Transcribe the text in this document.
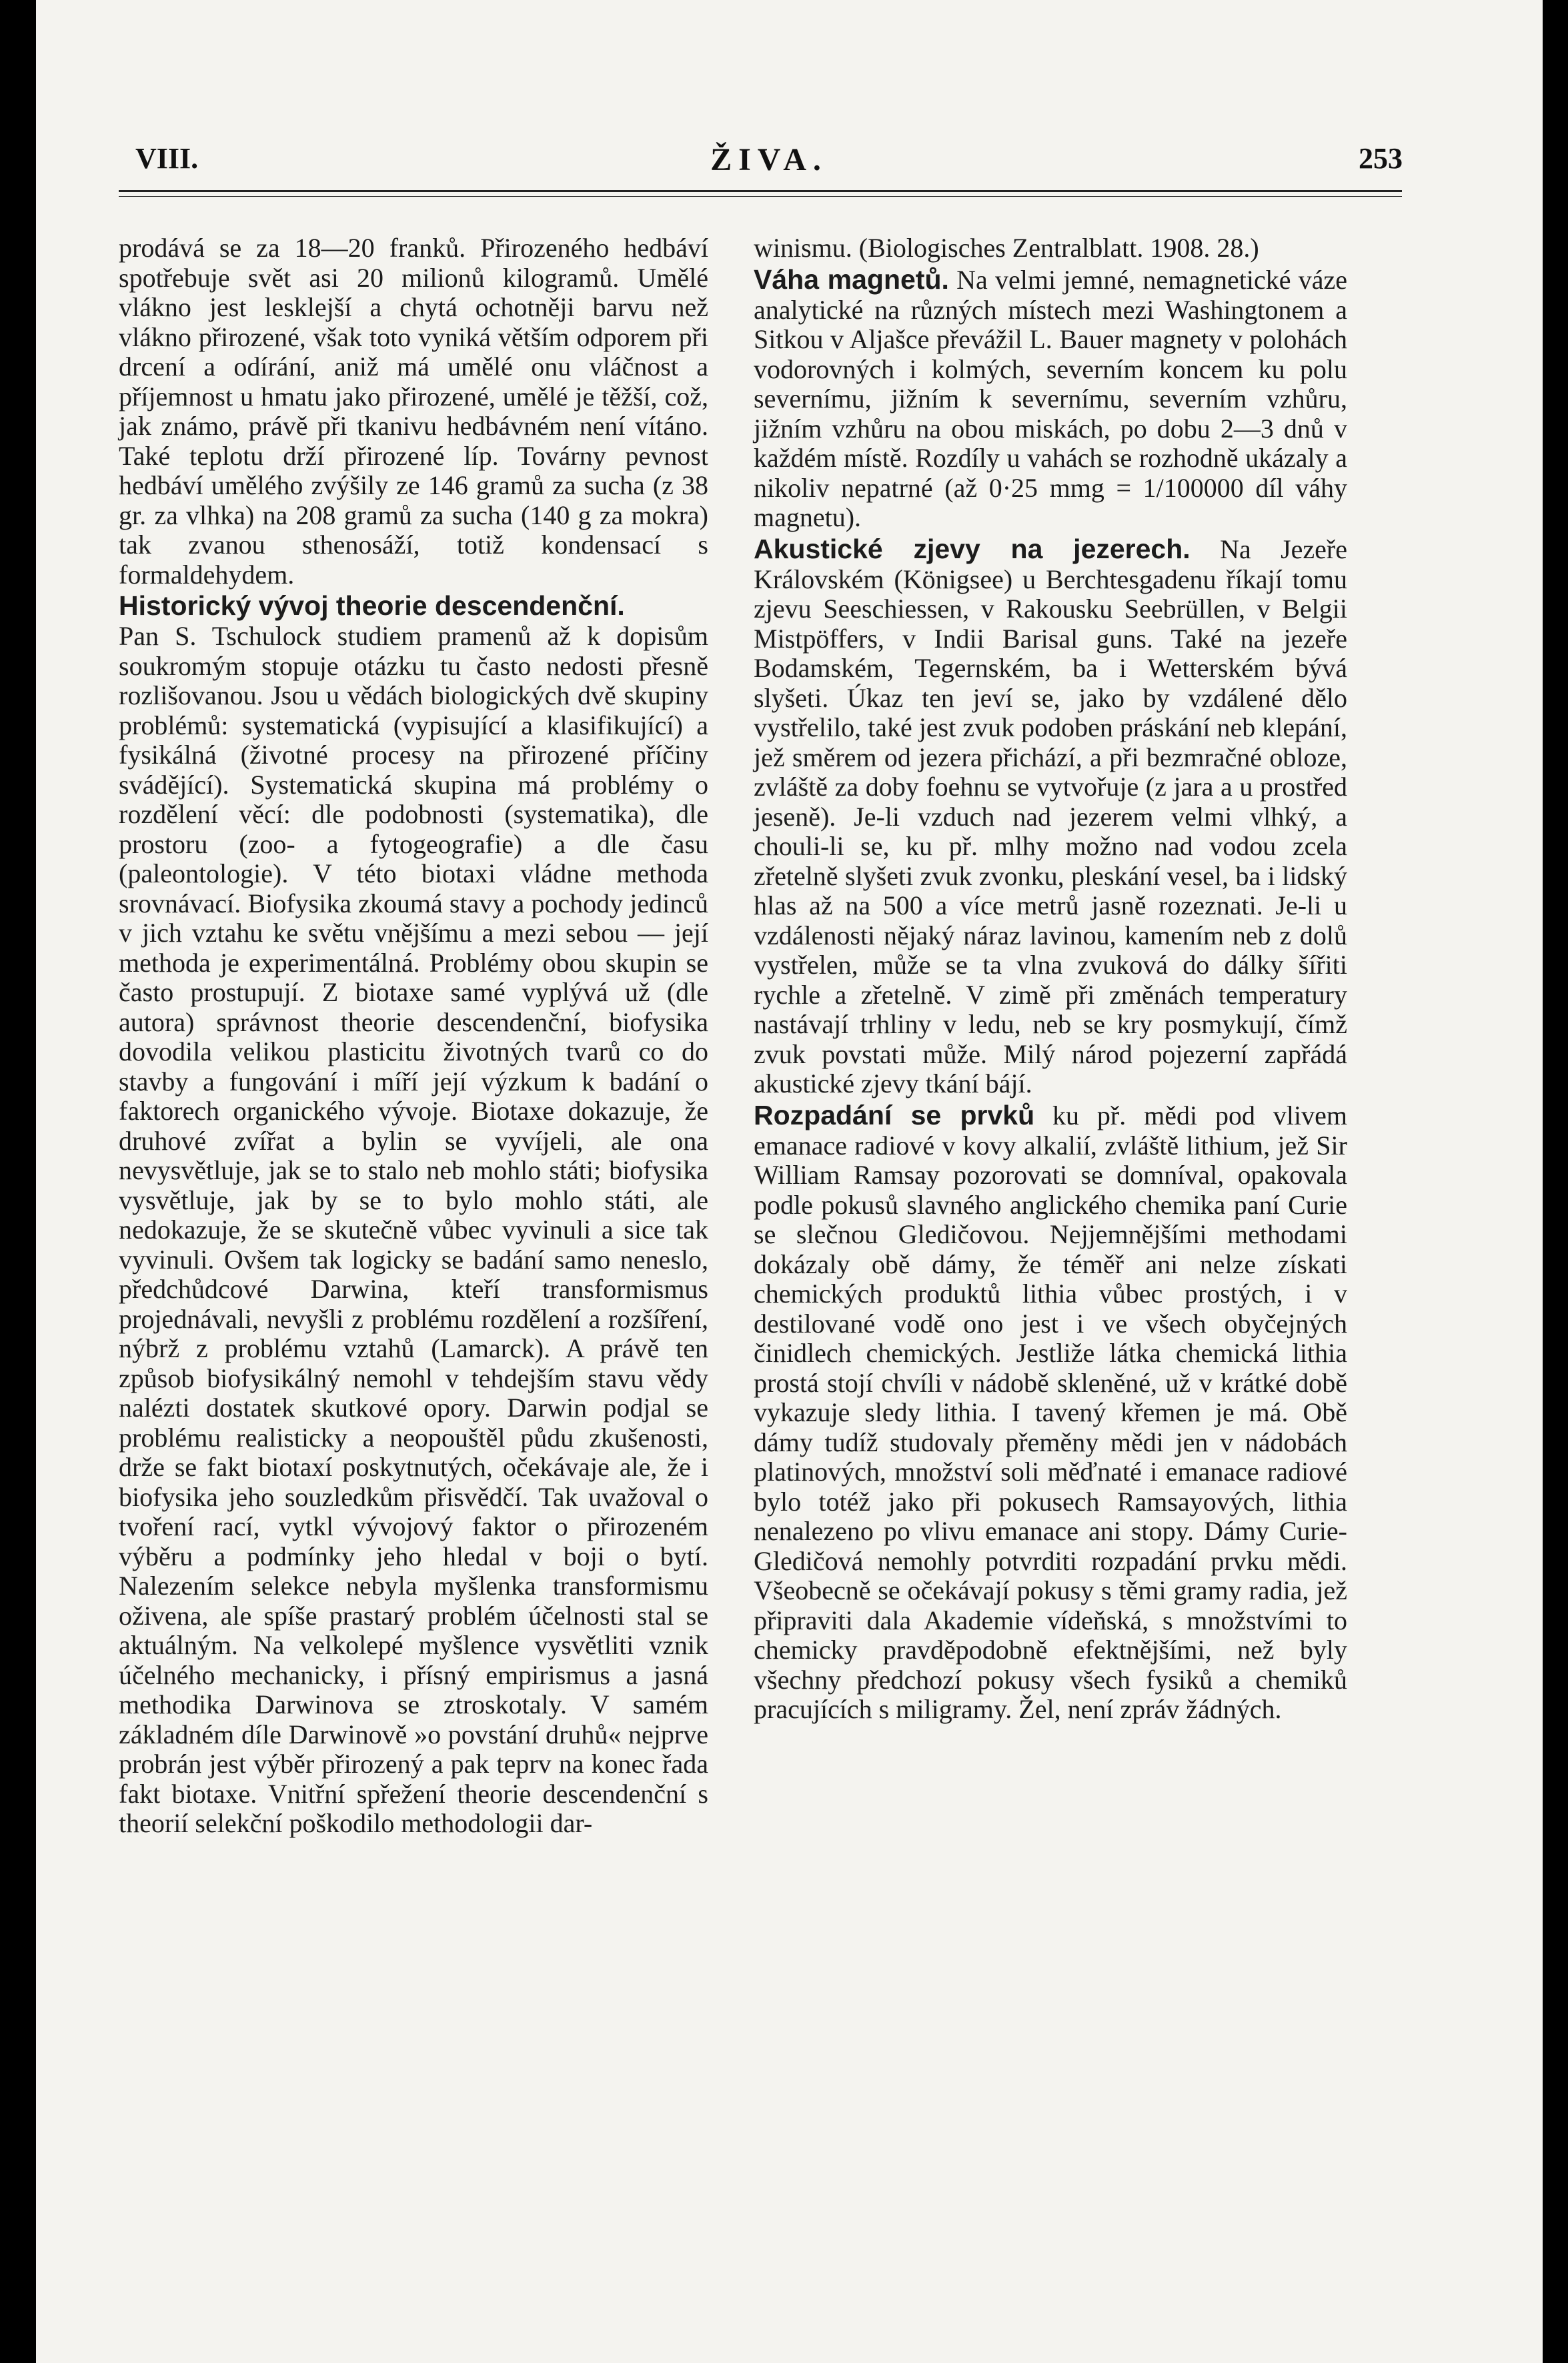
VIII.	ŽIVA.	253

prodává se za 18—20 franků. Přirozeného hedbáví spotřebuje svět asi 20 milionů kilogramů. Umělé vlákno jest lesklejší a chytá ochotněji barvu než vlákno přirozené, však toto vyniká větším odporem při drcení a odírání, aniž má umělé onu vláčnost a příjemnost u hmatu jako přirozené, umělé je těžší, což, jak známo, právě při tkanivu hedbávném není vítáno. Také teplotu drží přirozené líp. Továrny pevnost hedbáví umělého zvýšily ze 146 gramů za sucha (z 38 gr. za vlhka) na 208 gramů za sucha (140 g za mokra) tak zvanou sthenosáží, totiž kondensací s formaldehydem.

Historický vývoj theorie descendenční.

Pan S. Tschulock studiem pramenů až k dopisům soukromým stopuje otázku tu často nedosti přesně rozlišovanou. Jsou u vědách biologických dvě skupiny problémů: systematická (vypisující a klasifikující) a fysikálná (životné procesy na přirozené příčiny svádějící). Systematická skupina má problémy o rozdělení věcí: dle podobnosti (systematika), dle prostoru (zoo- a fytogeografie) a dle času (paleontologie). V této biotaxi vládne methoda srovnávací. Biofysika zkoumá stavy a pochody jedinců v jich vztahu ke světu vnějšímu a mezi sebou — její methoda je experimentálná. Problémy obou skupin se často prostupují. Z biotaxe samé vyplývá už (dle autora) správnost theorie descendenční, biofysika dovodila velikou plasticitu životných tvarů co do stavby a fungování i míří její výzkum k badání o faktorech organického vývoje. Biotaxe dokazuje, že druhové zvířat a bylin se vyvíjeli, ale ona nevysvětluje, jak se to stalo neb mohlo státi; biofysika vysvětluje, jak by se to bylo mohlo státi, ale nedokazuje, že se skutečně vůbec vyvinuli a sice tak vyvinuli. Ovšem tak logicky se badání samo neneslo, předchůdcové Darwina, kteří transformismus projednávali, nevyšli z problému rozdělení a rozšíření, nýbrž z problému vztahů (Lamarck). A právě ten způsob biofysikálný nemohl v tehdejším stavu vědy nalézti dostatek skutkové opory. Darwin podjal se problému realisticky a neopouštěl půdu zkušenosti, drže se fakt biotaxí poskytnutých, očekávaje ale, že i biofysika jeho souzledkům přisvědčí. Tak uvažoval o tvoření rací, vytkl vývojový faktor o přirozeném výběru a podmínky jeho hledal v boji o bytí. Nalezením selekce nebyla myšlenka transformismu oživena, ale spíše prastarý problém účelnosti stal se aktuálným. Na velkolepé myšlence vysvětliti vznik účelného mechanicky, i přísný empirismus a jasná methodika Darwinova se ztroskotaly. V samém základném díle Darwinově »o povstání druhů« nejprve probrán jest výběr přirozený a pak teprv na konec řada fakt biotaxe. Vnitřní spřežení theorie descendenční s theorií selekční poškodilo methodologii dar-

winismu. (Biologisches Zentralblatt. 1908. 28.)

Váha magnetů. Na velmi jemné, nemagnetické váze analytické na různých místech mezi Washingtonem a Sitkou v Aljašce převážil L. Bauer magnety v polohách vodorovných i kolmých, severním koncem ku polu severnímu, jižním k severnímu, severním vzhůru, jižním vzhůru na obou miskách, po dobu 2—3 dnů v každém místě. Rozdíly u vahách se rozhodně ukázaly a nikoliv nepatrné (až 0·25 mmg = 1/100000 díl váhy magnetu).

Akustické zjevy na jezerech. Na Jezeře Královském (Königsee) u Berchtesgadenu říkají tomu zjevu Seeschiessen, v Rakousku Seebrüllen, v Belgii Mistpöffers, v Indii Barisal guns. Také na jezeře Bodamském, Tegernském, ba i Wetterském bývá slyšeti. Úkaz ten jeví se, jako by vzdálené dělo vystřelilo, také jest zvuk podoben práskání neb klepání, jež směrem od jezera přichází, a při bezmračné obloze, zvláště za doby foehnu se vytvořuje (z jara a u prostřed jeseně). Je-li vzduch nad jezerem velmi vlhký, a chouli-li se, ku př. mlhy možno nad vodou zcela zřetelně slyšeti zvuk zvonku, pleskání vesel, ba i lidský hlas až na 500 a více metrů jasně rozeznati. Je-li u vzdálenosti nějaký náraz lavinou, kamením neb z dolů vystřelen, může se ta vlna zvuková do dálky šířiti rychle a zřetelně. V zimě při změnách temperatury nastávají trhliny v ledu, neb se kry posmykují, čímž zvuk povstati může. Milý národ pojezerní zapřádá akustické zjevy tkání bájí.

Rozpadání se prvků ku př. mědi pod vlivem emanace radiové v kovy alkalií, zvláště lithium, jež Sir William Ramsay pozorovati se domníval, opakovala podle pokusů slavného anglického chemika paní Curie se slečnou Gledičovou. Nejjemnějšími methodami dokázaly obě dámy, že téměř ani nelze získati chemických produktů lithia vůbec prostých, i v destilované vodě ono jest i ve všech obyčejných činidlech chemických. Jestliže látka chemická lithia prostá stojí chvíli v nádobě skleněné, už v krátké době vykazuje sledy lithia. I tavený křemen je má. Obě dámy tudíž studovaly přeměny mědi jen v nádobách platinových, množství soli měďnaté i emanace radiové bylo totéž jako při pokusech Ramsayových, lithia nenalezeno po vlivu emanace ani stopy. Dámy Curie-Gledičová nemohly potvrditi rozpadání prvku mědi. Všeobecně se očekávají pokusy s těmi gramy radia, jež připraviti dala Akademie vídeňská, s množstvími to chemicky pravděpodobně efektnějšími, než byly všechny předchozí pokusy všech fysiků a chemiků pracujících s miligramy. Žel, není zpráv žádných.
